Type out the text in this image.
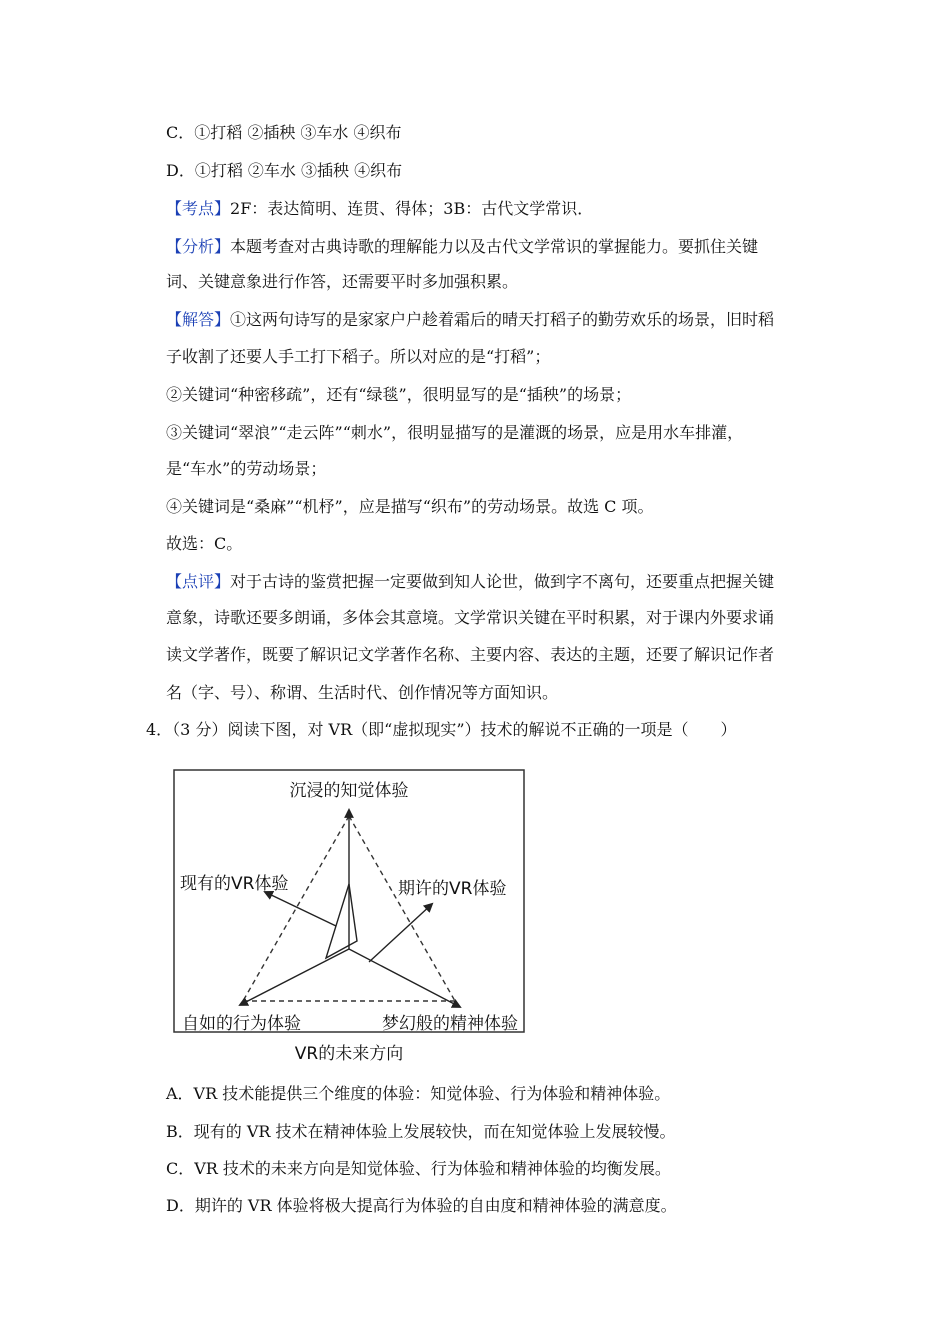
C．①打稻 ②插秧 ③车水 ④织布
D．①打稻 ②车水 ③插秧 ④织布
【考点】2F：表达简明、连贯、得体；3B：古代文学常识．
【分析】本题考查对古典诗歌的理解能力以及古代文学常识的掌握能力。要抓住关键
词、关键意象进行作答，还需要平时多加强积累。
【解答】①这两句诗写的是家家户户趁着霜后的晴天打稻子的勤劳欢乐的场景，旧时稻
子收割了还要人手工打下稻子。所以对应的是“打稻”；
②关键词“种密移疏”，还有“绿毯”，很明显写的是“插秧”的场景；
③关键词“翠浪”“走云阵”“刺水”，很明显描写的是灌溉的场景，应是用水车排灌，
是“车水”的劳动场景；
④关键词是“桑麻”“机杼”，应是描写“织布”的劳动场景。故选 C 项。
故选：C。
【点评】对于古诗的鉴赏把握一定要做到知人论世，做到字不离句，还要重点把握关键
意象，诗歌还要多朗诵，多体会其意境。文学常识关键在平时积累，对于课内外要求诵
读文学著作，既要了解识记文学著作名称、主要内容、表达的主题，还要了解识记作者
名（字、号）、称谓、生活时代、创作情况等方面知识。
4．（3 分）阅读下图，对 VR（即“虚拟现实”）技术的解说不正确的一项是（　　）
沉浸的知觉体验
现有的VR体验	期许的VR体验
自如的行为体验	梦幻般的精神体验
VR的未来方向
A．VR 技术能提供三个维度的体验：知觉体验、行为体验和精神体验。
B．现有的 VR 技术在精神体验上发展较快，而在知觉体验上发展较慢。
C．VR 技术的未来方向是知觉体验、行为体验和精神体验的均衡发展。
D．期许的 VR 体验将极大提高行为体验的自由度和精神体验的满意度。
